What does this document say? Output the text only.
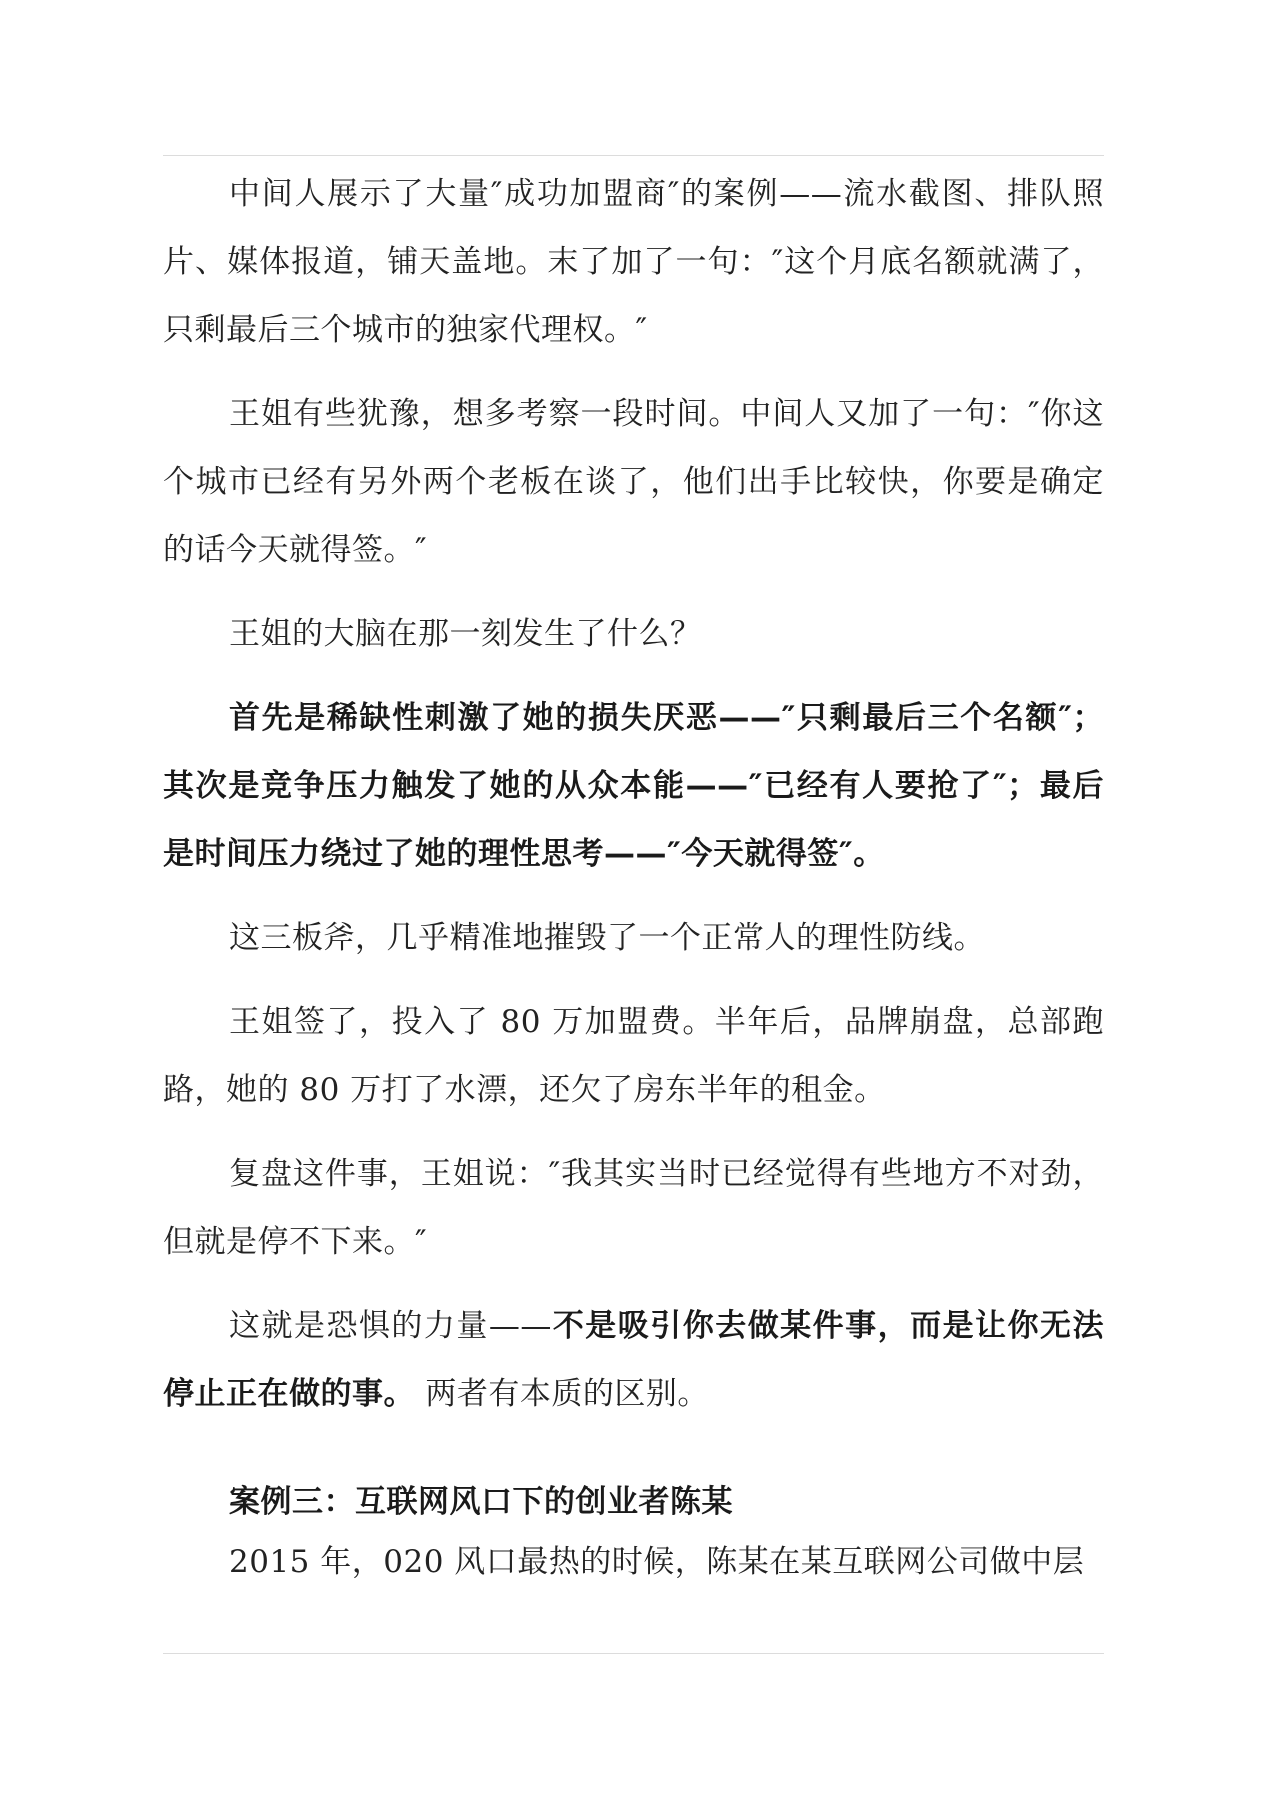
中间人展示了大量″成功加盟商″的案例——流水截图、排队照片、媒体报道，铺天盖地。末了加了一句：″这个月底名额就满了，只剩最后三个城市的独家代理权。″

王姐有些犹豫，想多考察一段时间。中间人又加了一句：″你这个城市已经有另外两个老板在谈了，他们出手比较快，你要是确定的话今天就得签。″

王姐的大脑在那一刻发生了什么？

首先是稀缺性刺激了她的损失厌恶——″只剩最后三个名额″；其次是竞争压力触发了她的从众本能——″已经有人要抢了″；最后是时间压力绕过了她的理性思考——″今天就得签″。

这三板斧，几乎精准地摧毁了一个正常人的理性防线。

王姐签了，投入了 80 万加盟费。半年后，品牌崩盘，总部跑路，她的 80 万打了水漂，还欠了房东半年的租金。

复盘这件事，王姐说：″我其实当时已经觉得有些地方不对劲，但就是停不下来。″

这就是恐惧的力量——不是吸引你去做某件事，而是让你无法停止正在做的事。 两者有本质的区别。

案例三：互联网风口下的创业者陈某

2015 年，020 风口最热的时候，陈某在某互联网公司做中层
